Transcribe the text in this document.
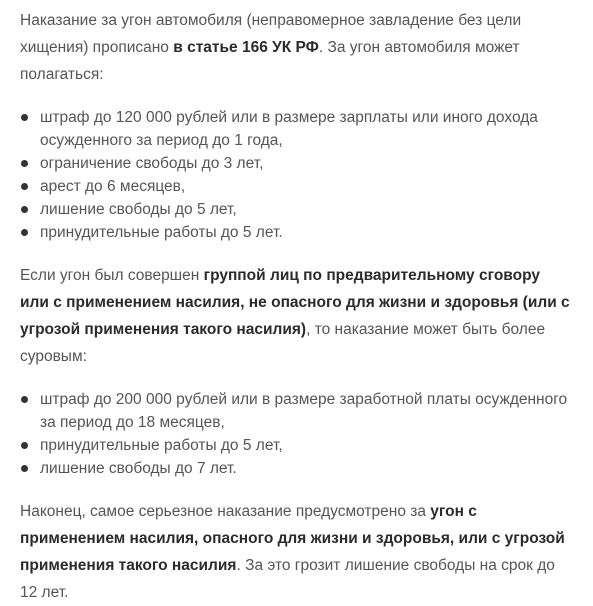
Наказание за угон автомобиля (неправомерное завладение без цели хищения) прописано в статье 166 УК РФ. За угон автомобиля может полагаться:

штраф до 120 000 рублей или в размере зарплаты или иного дохода осужденного за период до 1 года,
ограничение свободы до 3 лет,
арест до 6 месяцев,
лишение свободы до 5 лет,
принудительные работы до 5 лет.

Если угон был совершен группой лиц по предварительному сговору или с применением насилия, не опасного для жизни и здоровья (или с угрозой применения такого насилия), то наказание может быть более суровым:

штраф до 200 000 рублей или в размере заработной платы осужденного за период до 18 месяцев,
принудительные работы до 5 лет,
лишение свободы до 7 лет.

Наконец, самое серьезное наказание предусмотрено за угон с применением насилия, опасного для жизни и здоровья, или с угрозой применения такого насилия. За это грозит лишение свободы на срок до 12 лет.
